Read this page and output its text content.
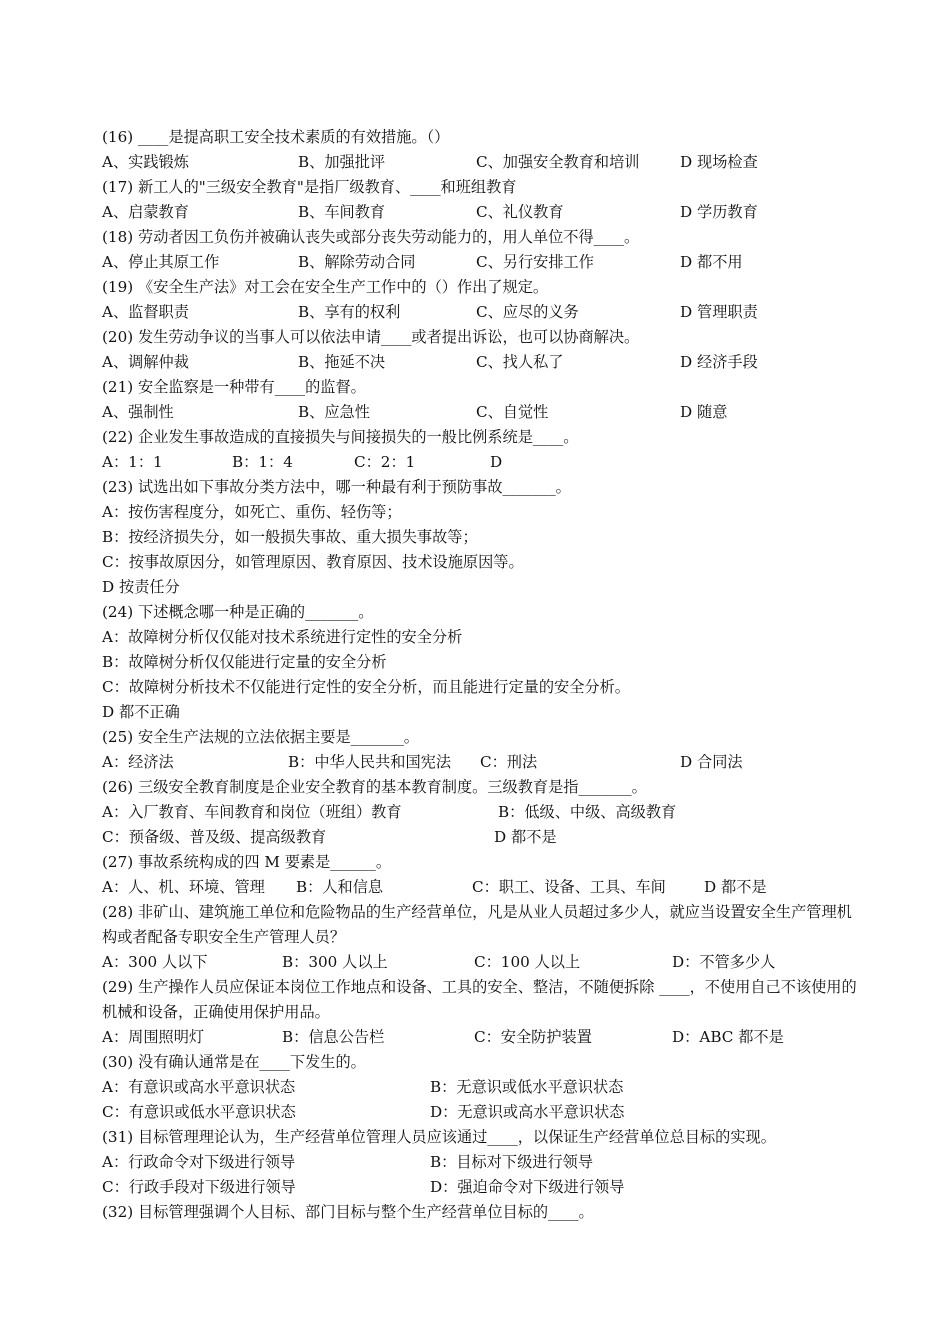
(16) ____是提高职工安全技术素质的有效措施。（）
A、实践锻炼	B、加强批评	C、加强安全教育和培训	D 现场检查
(17) 新工人的"三级安全教育"是指厂级教育、____和班组教育
A、启蒙教育	B、车间教育	C、礼仪教育	D 学历教育
(18) 劳动者因工负伤并被确认丧失或部分丧失劳动能力的，用人单位不得____。
A、停止其原工作	B、解除劳动合同	C、另行安排工作	D 都不用
(19) 《安全生产法》对工会在安全生产工作中的（）作出了规定。
A、监督职责	B、享有的权利	C、应尽的义务	D 管理职责
(20) 发生劳动争议的当事人可以依法申请____或者提出诉讼，也可以协商解决。
A、调解仲裁	B、拖延不决	C、找人私了	D 经济手段
(21) 安全监察是一种带有____的监督。
A、强制性	B、应急性	C、自觉性	D 随意
(22) 企业发生事故造成的直接损失与间接损失的一般比例系统是____。
A：1：1	B：1：4	C：2：1	D
(23) 试选出如下事故分类方法中，哪一种最有利于预防事故_______。
A：按伤害程度分，如死亡、重伤、轻伤等；
B：按经济损失分，如一般损失事故、重大损失事故等；
C：按事故原因分，如管理原因、教育原因、技术设施原因等。
D 按责任分
(24) 下述概念哪一种是正确的_______。
A：故障树分析仅仅能对技术系统进行定性的安全分析
B：故障树分析仅仅能进行定量的安全分析
C：故障树分析技术不仅能进行定性的安全分析，而且能进行定量的安全分析。
D 都不正确
(25) 安全生产法规的立法依据主要是_______。
A：经济法	B：中华人民共和国宪法 C：刑法	D 合同法
(26) 三级安全教育制度是企业安全教育的基本教育制度。三级教育是指_______。
A：入厂教育、车间教育和岗位（班组）教育	B：低级、中级、高级教育
C：预备级、普及级、提高级教育	D 都不是
(27) 事故系统构成的四 M 要素是______。
A：人、机、环境、管理 B：人和信息	C：职工、设备、工具、车间	D 都不是
(28) 非矿山、建筑施工单位和危险物品的生产经营单位，凡是从业人员超过多少人，就应当设置安全生产管理机构或者配备专职安全生产管理人员？
A：300 人以下	B：300 人以上	C：100 人以上	D：不管多少人
(29) 生产操作人员应保证本岗位工作地点和设备、工具的安全、整洁，不随便拆除 ____，不使用自己不该使用的机械和设备，正确使用保护用品。
A：周围照明灯	B：信息公告栏	C：安全防护装置	D：ABC 都不是
(30) 没有确认通常是在____下发生的。
A：有意识或高水平意识状态	B：无意识或低水平意识状态
C：有意识或低水平意识状态	D：无意识或高水平意识状态
(31) 目标管理理论认为，生产经营单位管理人员应该通过____，以保证生产经营单位总目标的实现。
A：行政命令对下级进行领导	B：目标对下级进行领导
C：行政手段对下级进行领导	D：强迫命令对下级进行领导
(32) 目标管理强调个人目标、部门目标与整个生产经营单位目标的____。
